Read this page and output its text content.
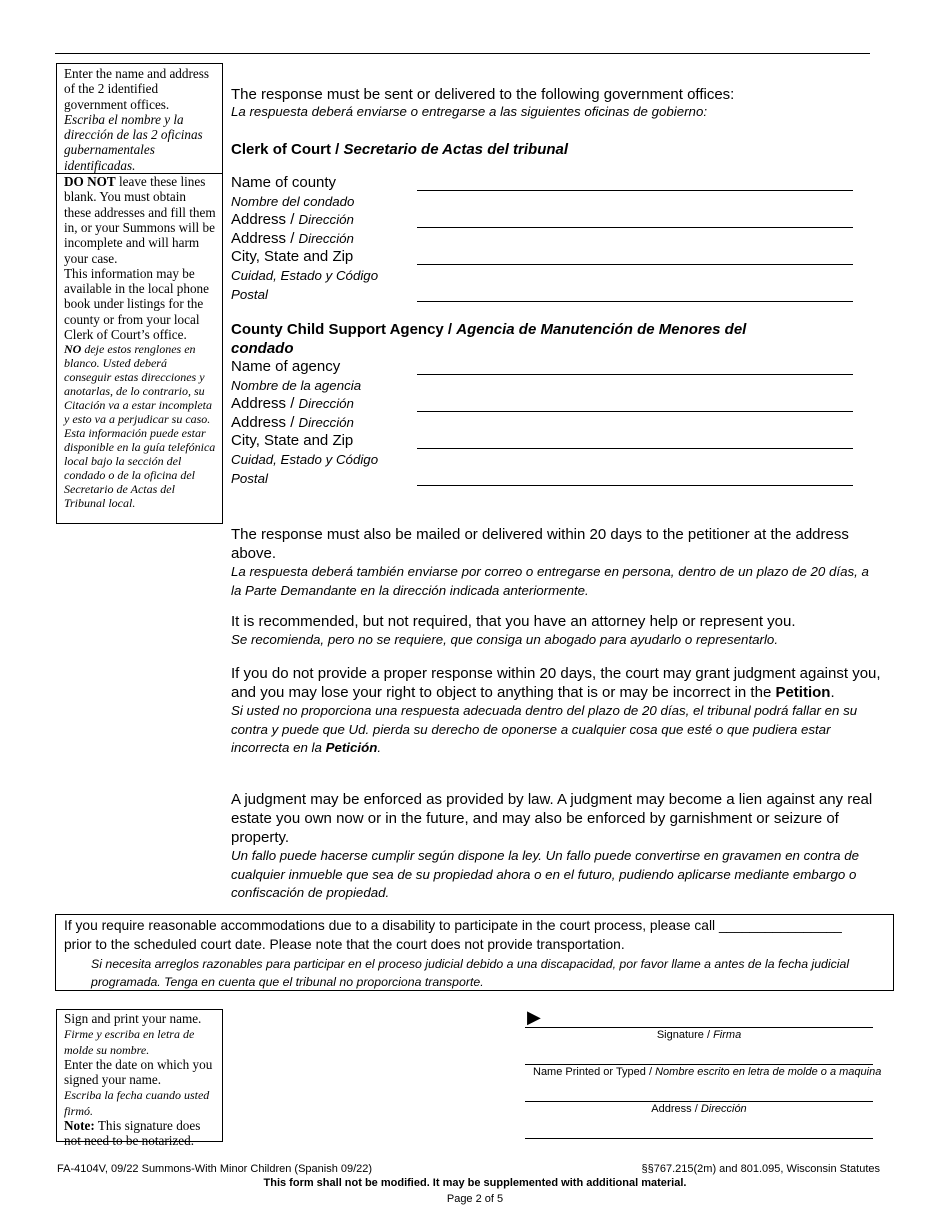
Enter the name and address of the 2 identified government offices.
Escriba el nombre y la dirección de las 2 oficinas gubernamentales identificadas.
DO NOT leave these lines blank. You must obtain these addresses and fill them in, or your Summons will be incomplete and will harm your case.
This information may be available in the local phone book under listings for the county or from your local Clerk of Court’s office.
NO deje estos renglones en blanco. Usted deberá conseguir estas direcciones y anotarlas, de lo contrario, su Citación va a estar incompleta y esto va a perjudicar su caso.
Esta información puede estar disponible en la guía telefónica local bajo la sección del condado o de la oficina del Secretario de Actas del Tribunal local.
The response must be sent or delivered to the following government offices:
La respuesta deberá enviarse o entregarse a las siguientes oficinas de gobierno:
Clerk of Court / Secretario de Actas del tribunal
Name of county
Nombre del condado
Address / Dirección
Address / Dirección
City, State and Zip
Cuidad, Estado y Código
Postal
County Child Support Agency / Agencia de Manutención de Menores del
condado
Name of agency
Nombre de la agencia
Address / Dirección
Address / Dirección
City, State and Zip
Cuidad, Estado y Código
Postal
The response must also be mailed or delivered within 20 days to the petitioner at the address above.
La respuesta deberá también enviarse por correo o entregarse en persona, dentro de un plazo de 20 días, a la Parte Demandante en la dirección indicada anteriormente.
It is recommended, but not required, that you have an attorney help or represent you.
Se recomienda, pero no se requiere, que consiga un abogado para ayudarlo o representarlo.
If you do not provide a proper response within 20 days, the court may grant judgment against you, and you may lose your right to object to anything that is or may be incorrect in the Petition.
Si usted no proporciona una respuesta adecuada dentro del plazo de 20 días, el tribunal podrá fallar en su contra y puede que Ud. pierda su derecho de oponerse a cualquier cosa que esté o que pudiera estar incorrecta en la Petición.
A judgment may be enforced as provided by law. A judgment may become a lien against any real estate you own now or in the future, and may also be enforced by garnishment or seizure of property.
Un fallo puede hacerse cumplir según dispone la ley. Un fallo puede convertirse en gravamen en contra de cualquier inmueble que sea de su propiedad ahora o en el futuro, pudiendo aplicarse mediante embargo o confiscación de propiedad.
If you require reasonable accommodations due to a disability to participate in the court process, please call ________________
prior to the scheduled court date. Please note that the court does not provide transportation.
Si necesita arreglos razonables para participar en el proceso judicial debido a una discapacidad, por favor llame a antes de la fecha judicial programada. Tenga en cuenta que el tribunal no proporciona transporte.
Sign and print your name.
Firme y escriba en letra de molde su nombre.
Enter the date on which you signed your name.
Escriba la fecha cuando usted firmó.
Note: This signature does not need to be notarized.
▶
Signature / Firma
Name Printed or Typed / Nombre escrito en letra de molde o a maquina
Address / Dirección
FA-4104V, 09/22 Summons-With Minor Children (Spanish 09/22)	§§767.215(2m) and 801.095, Wisconsin Statutes
This form shall not be modified. It may be supplemented with additional material.
Page 2 of 5
